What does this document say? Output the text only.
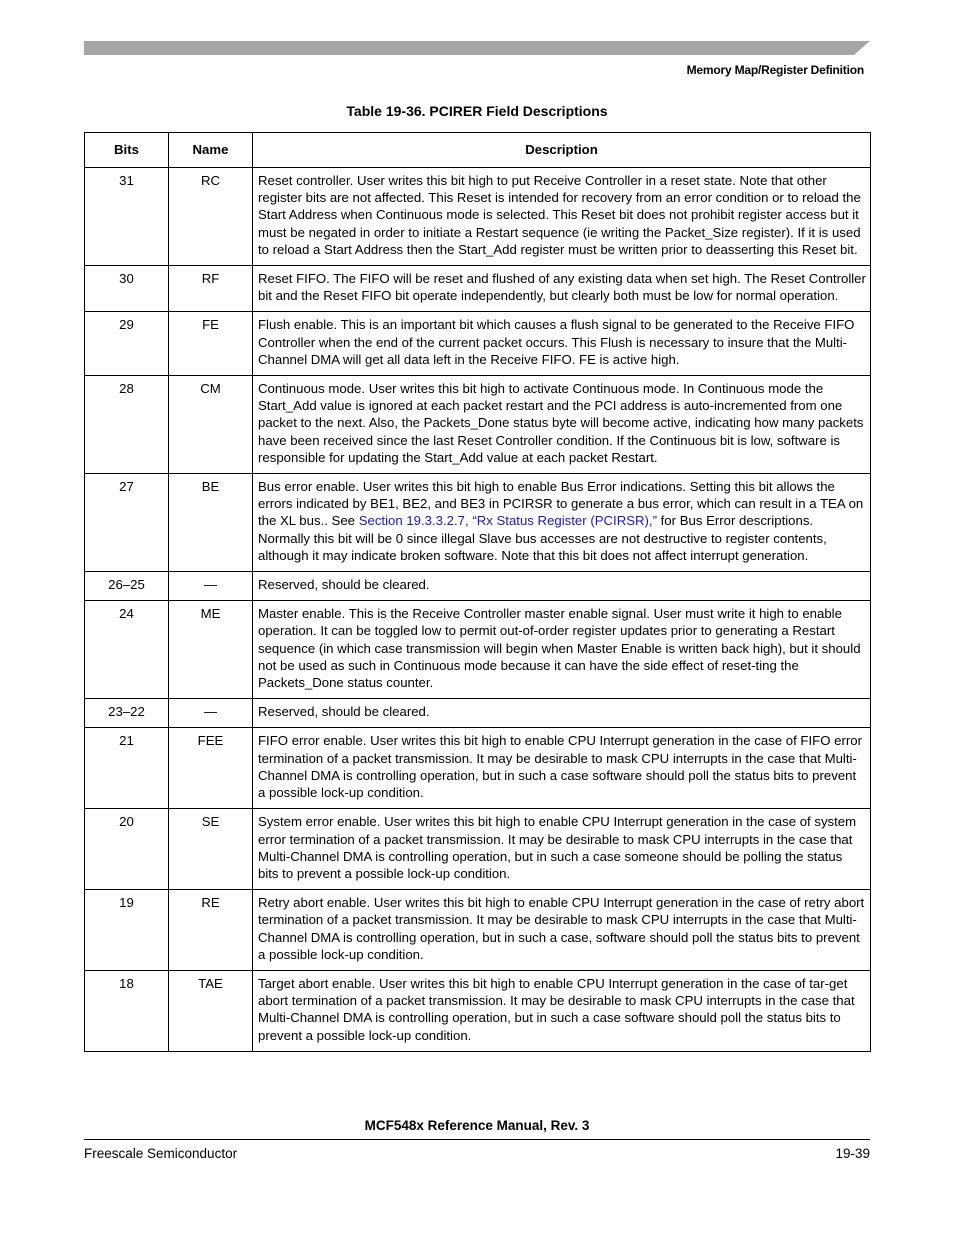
Memory Map/Register Definition
Table 19-36. PCIRER Field Descriptions
Bits	Name	Description
31	RC	Reset controller. User writes this bit high to put Receive Controller in a reset state. Note that other register bits are not affected. This Reset is intended for recovery from an error condition or to reload the Start Address when Continuous mode is selected. This Reset bit does not prohibit register access but it must be negated in order to initiate a Restart sequence (ie writing the Packet_Size register). If it is used to reload a Start Address then the Start_Add register must be written prior to deasserting this Reset bit.
30	RF	Reset FIFO. The FIFO will be reset and flushed of any existing data when set high. The Reset Controller bit and the Reset FIFO bit operate independently, but clearly both must be low for normal operation.
29	FE	Flush enable. This is an important bit which causes a flush signal to be generated to the Receive FIFO Controller when the end of the current packet occurs. This Flush is necessary to insure that the Multi-Channel DMA will get all data left in the Receive FIFO. FE is active high.
28	CM	Continuous mode. User writes this bit high to activate Continuous mode. In Continuous mode the Start_Add value is ignored at each packet restart and the PCI address is auto-incremented from one packet to the next. Also, the Packets_Done status byte will become active, indicating how many packets have been received since the last Reset Controller condition. If the Continuous bit is low, software is responsible for updating the Start_Add value at each packet Restart.
27	BE	Bus error enable. User writes this bit high to enable Bus Error indications. Setting this bit allows the errors indicated by BE1, BE2, and BE3 in PCIRSR to generate a bus error, which can result in a TEA on the XL bus.. See Section 19.3.3.2.7, “Rx Status Register (PCIRSR),” for Bus Error descriptions. Normally this bit will be 0 since illegal Slave bus accesses are not destructive to register contents, although it may indicate broken software. Note that this bit does not affect interrupt generation.
26–25	—	Reserved, should be cleared.
24	ME	Master enable. This is the Receive Controller master enable signal. User must write it high to enable operation. It can be toggled low to permit out-of-order register updates prior to generating a Restart sequence (in which case transmission will begin when Master Enable is written back high), but it should not be used as such in Continuous mode because it can have the side effect of reset-ting the Packets_Done status counter.
23–22	—	Reserved, should be cleared.
21	FEE	FIFO error enable. User writes this bit high to enable CPU Interrupt generation in the case of FIFO error termination of a packet transmission. It may be desirable to mask CPU interrupts in the case that Multi-Channel DMA is controlling operation, but in such a case software should poll the status bits to prevent a possible lock-up condition.
20	SE	System error enable. User writes this bit high to enable CPU Interrupt generation in the case of system error termination of a packet transmission. It may be desirable to mask CPU interrupts in the case that Multi-Channel DMA is controlling operation, but in such a case someone should be polling the status bits to prevent a possible lock-up condition.
19	RE	Retry abort enable. User writes this bit high to enable CPU Interrupt generation in the case of retry abort termination of a packet transmission. It may be desirable to mask CPU interrupts in the case that Multi-Channel DMA is controlling operation, but in such a case, software should poll the status bits to prevent a possible lock-up condition.
18	TAE	Target abort enable. User writes this bit high to enable CPU Interrupt generation in the case of tar-get abort termination of a packet transmission. It may be desirable to mask CPU interrupts in the case that Multi-Channel DMA is controlling operation, but in such a case software should poll the status bits to prevent a possible lock-up condition.
MCF548x Reference Manual, Rev. 3
Freescale Semiconductor	19-39
